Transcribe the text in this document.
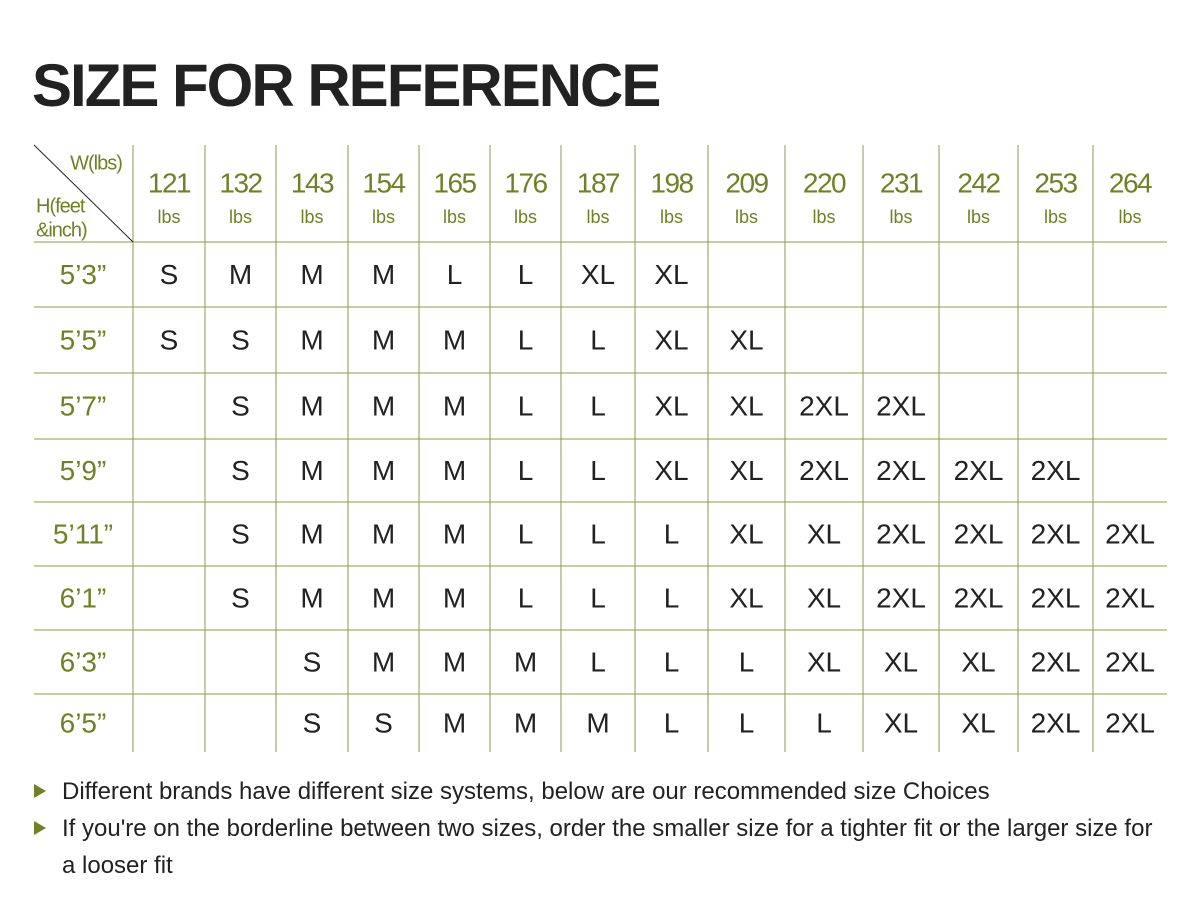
SIZE FOR REFERENCE
W(lbs)
H(feet
&inch)
121
lbs
132
lbs
143
lbs
154
lbs
165
lbs
176
lbs
187
lbs
198
lbs
209
lbs
220
lbs
231
lbs
242
lbs
253
lbs
264
lbs
5’3”
5’5”
5’7”
5’9”
5’11”
6’1”
6’3”
6’5”
S M M M L L XL XL
S S M M M L L XL XL
S M M M L L XL XL 2XL 2XL
S M M M L L XL XL 2XL 2XL 2XL 2XL
S M M M L L L XL XL 2XL 2XL 2XL 2XL
S M M M L L L XL XL 2XL 2XL 2XL 2XL
S M M M L L L XL XL XL 2XL 2XL
S S M M M L L L XL XL 2XL 2XL
Different brands have different size systems, below are our recommended size Choices
If you're on the borderline between two sizes, order the smaller size for a tighter fit or the larger size for a looser fit
